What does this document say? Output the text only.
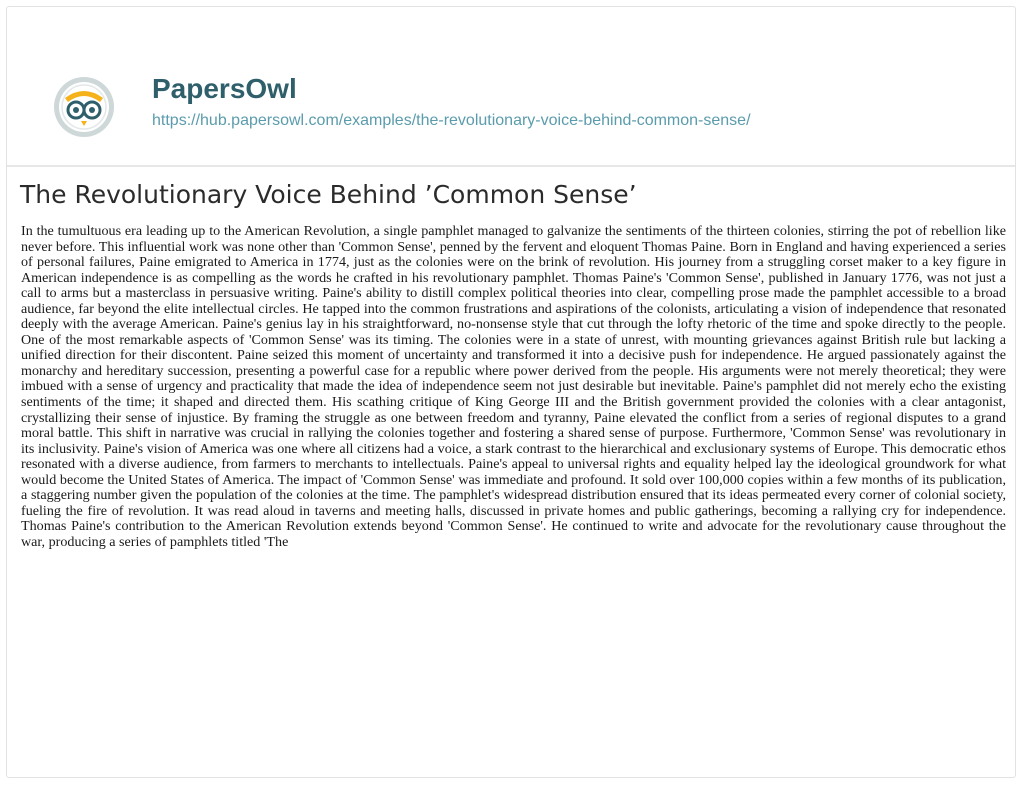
PapersOwl
https://hub.papersowl.com/examples/the-revolutionary-voice-behind-common-sense/
The Revolutionary Voice Behind ’Common Sense’

In the tumultuous era leading up to the American Revolution, a single pamphlet managed to galvanize the sentiments of the thirteen colonies, stirring the pot of rebellion like never before. This influential work was none other than 'Common Sense', penned by the fervent and eloquent Thomas Paine. Born in England and having experienced a series of personal failures, Paine emigrated to America in 1774, just as the colonies were on the brink of revolution. His journey from a struggling corset maker to a key figure in American independence is as compelling as the words he crafted in his revolutionary pamphlet. Thomas Paine's 'Common Sense', published in January 1776, was not just a call to arms but a masterclass in persuasive writing. Paine's ability to distill complex political theories into clear, compelling prose made the pamphlet accessible to a broad audience, far beyond the elite intellectual circles. He tapped into the common frustrations and aspirations of the colonists, articulating a vision of independence that resonated deeply with the average American. Paine's genius lay in his straightforward, no-nonsense style that cut through the lofty rhetoric of the time and spoke directly to the people. One of the most remarkable aspects of 'Common Sense' was its timing. The colonies were in a state of unrest, with mounting grievances against British rule but lacking a unified direction for their discontent. Paine seized this moment of uncertainty and transformed it into a decisive push for independence. He argued passionately against the monarchy and hereditary succession, presenting a powerful case for a republic where power derived from the people. His arguments were not merely theoretical; they were imbued with a sense of urgency and practicality that made the idea of independence seem not just desirable but inevitable. Paine's pamphlet did not merely echo the existing sentiments of the time; it shaped and directed them. His scathing critique of King George III and the British government provided the colonies with a clear antagonist, crystallizing their sense of injustice. By framing the struggle as one between freedom and tyranny, Paine elevated the conflict from a series of regional disputes to a grand moral battle. This shift in narrative was crucial in rallying the colonies together and fostering a shared sense of purpose. Furthermore, 'Common Sense' was revolutionary in its inclusivity. Paine's vision of America was one where all citizens had a voice, a stark contrast to the hierarchical and exclusionary systems of Europe. This democratic ethos resonated with a diverse audience, from farmers to merchants to intellectuals. Paine's appeal to universal rights and equality helped lay the ideological groundwork for what would become the United States of America. The impact of 'Common Sense' was immediate and profound. It sold over 100,000 copies within a few months of its publication, a staggering number given the population of the colonies at the time. The pamphlet's widespread distribution ensured that its ideas permeated every corner of colonial society, fueling the fire of revolution. It was read aloud in taverns and meeting halls, discussed in private homes and public gatherings, becoming a rallying cry for independence. Thomas Paine's contribution to the American Revolution extends beyond 'Common Sense'. He continued to write and advocate for the revolutionary cause throughout the war, producing a series of pamphlets titled 'The
